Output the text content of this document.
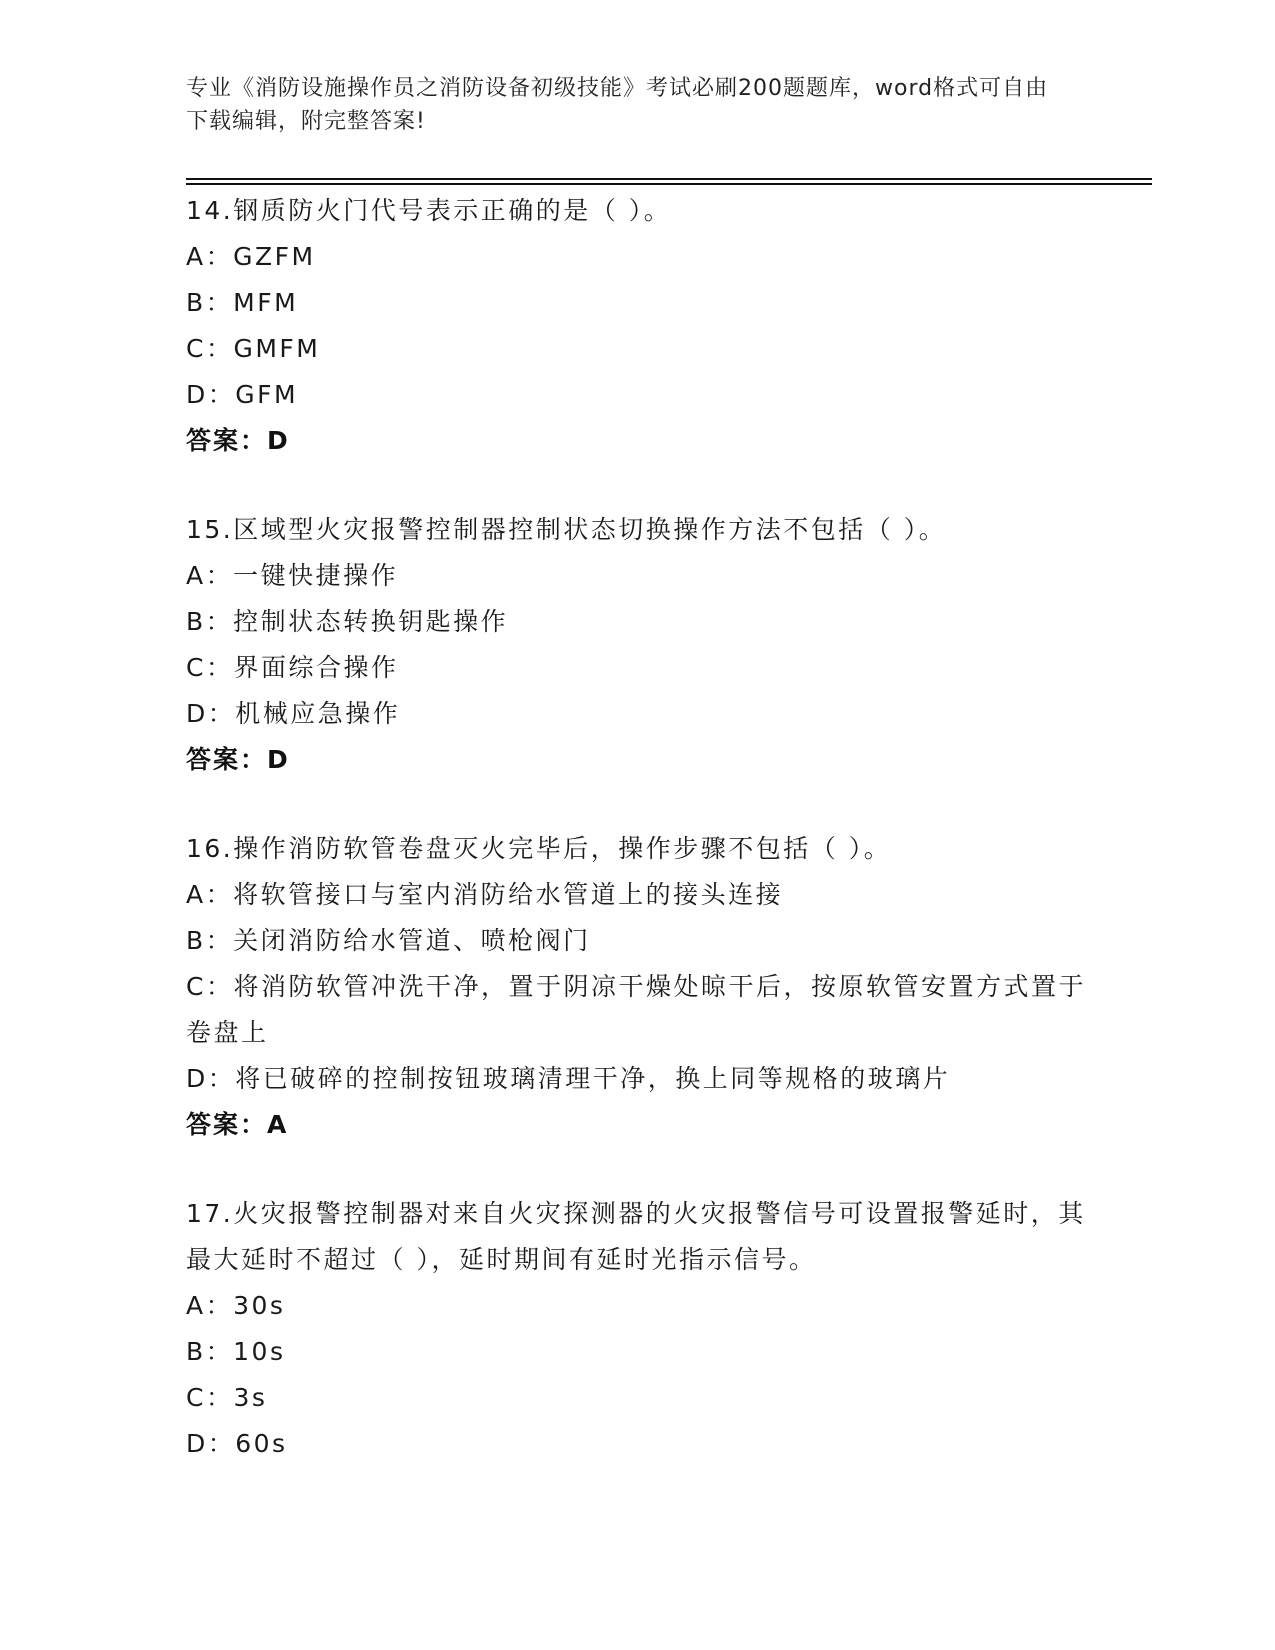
专业《消防设施操作员之消防设备初级技能》考试必刷200题题库，word格式可自由下载编辑，附完整答案!
14.钢质防火门代号表示正确的是（ ）。
A：GZFM
B：MFM
C：GMFM
D：GFM
答案：D
15.区域型火灾报警控制器控制状态切换操作方法不包括（ ）。
A：一键快捷操作
B：控制状态转换钥匙操作
C：界面综合操作
D：机械应急操作
答案：D
16.操作消防软管卷盘灭火完毕后，操作步骤不包括（ ）。
A：将软管接口与室内消防给水管道上的接头连接
B：关闭消防给水管道、喷枪阀门
C：将消防软管冲洗干净，置于阴凉干燥处晾干后，按原软管安置方式置于卷盘上
D：将已破碎的控制按钮玻璃清理干净，换上同等规格的玻璃片
答案：A
17.火灾报警控制器对来自火灾探测器的火灾报警信号可设置报警延时，其最大延时不超过（ ），延时期间有延时光指示信号。
A：30s
B：10s
C：3s
D：60s
